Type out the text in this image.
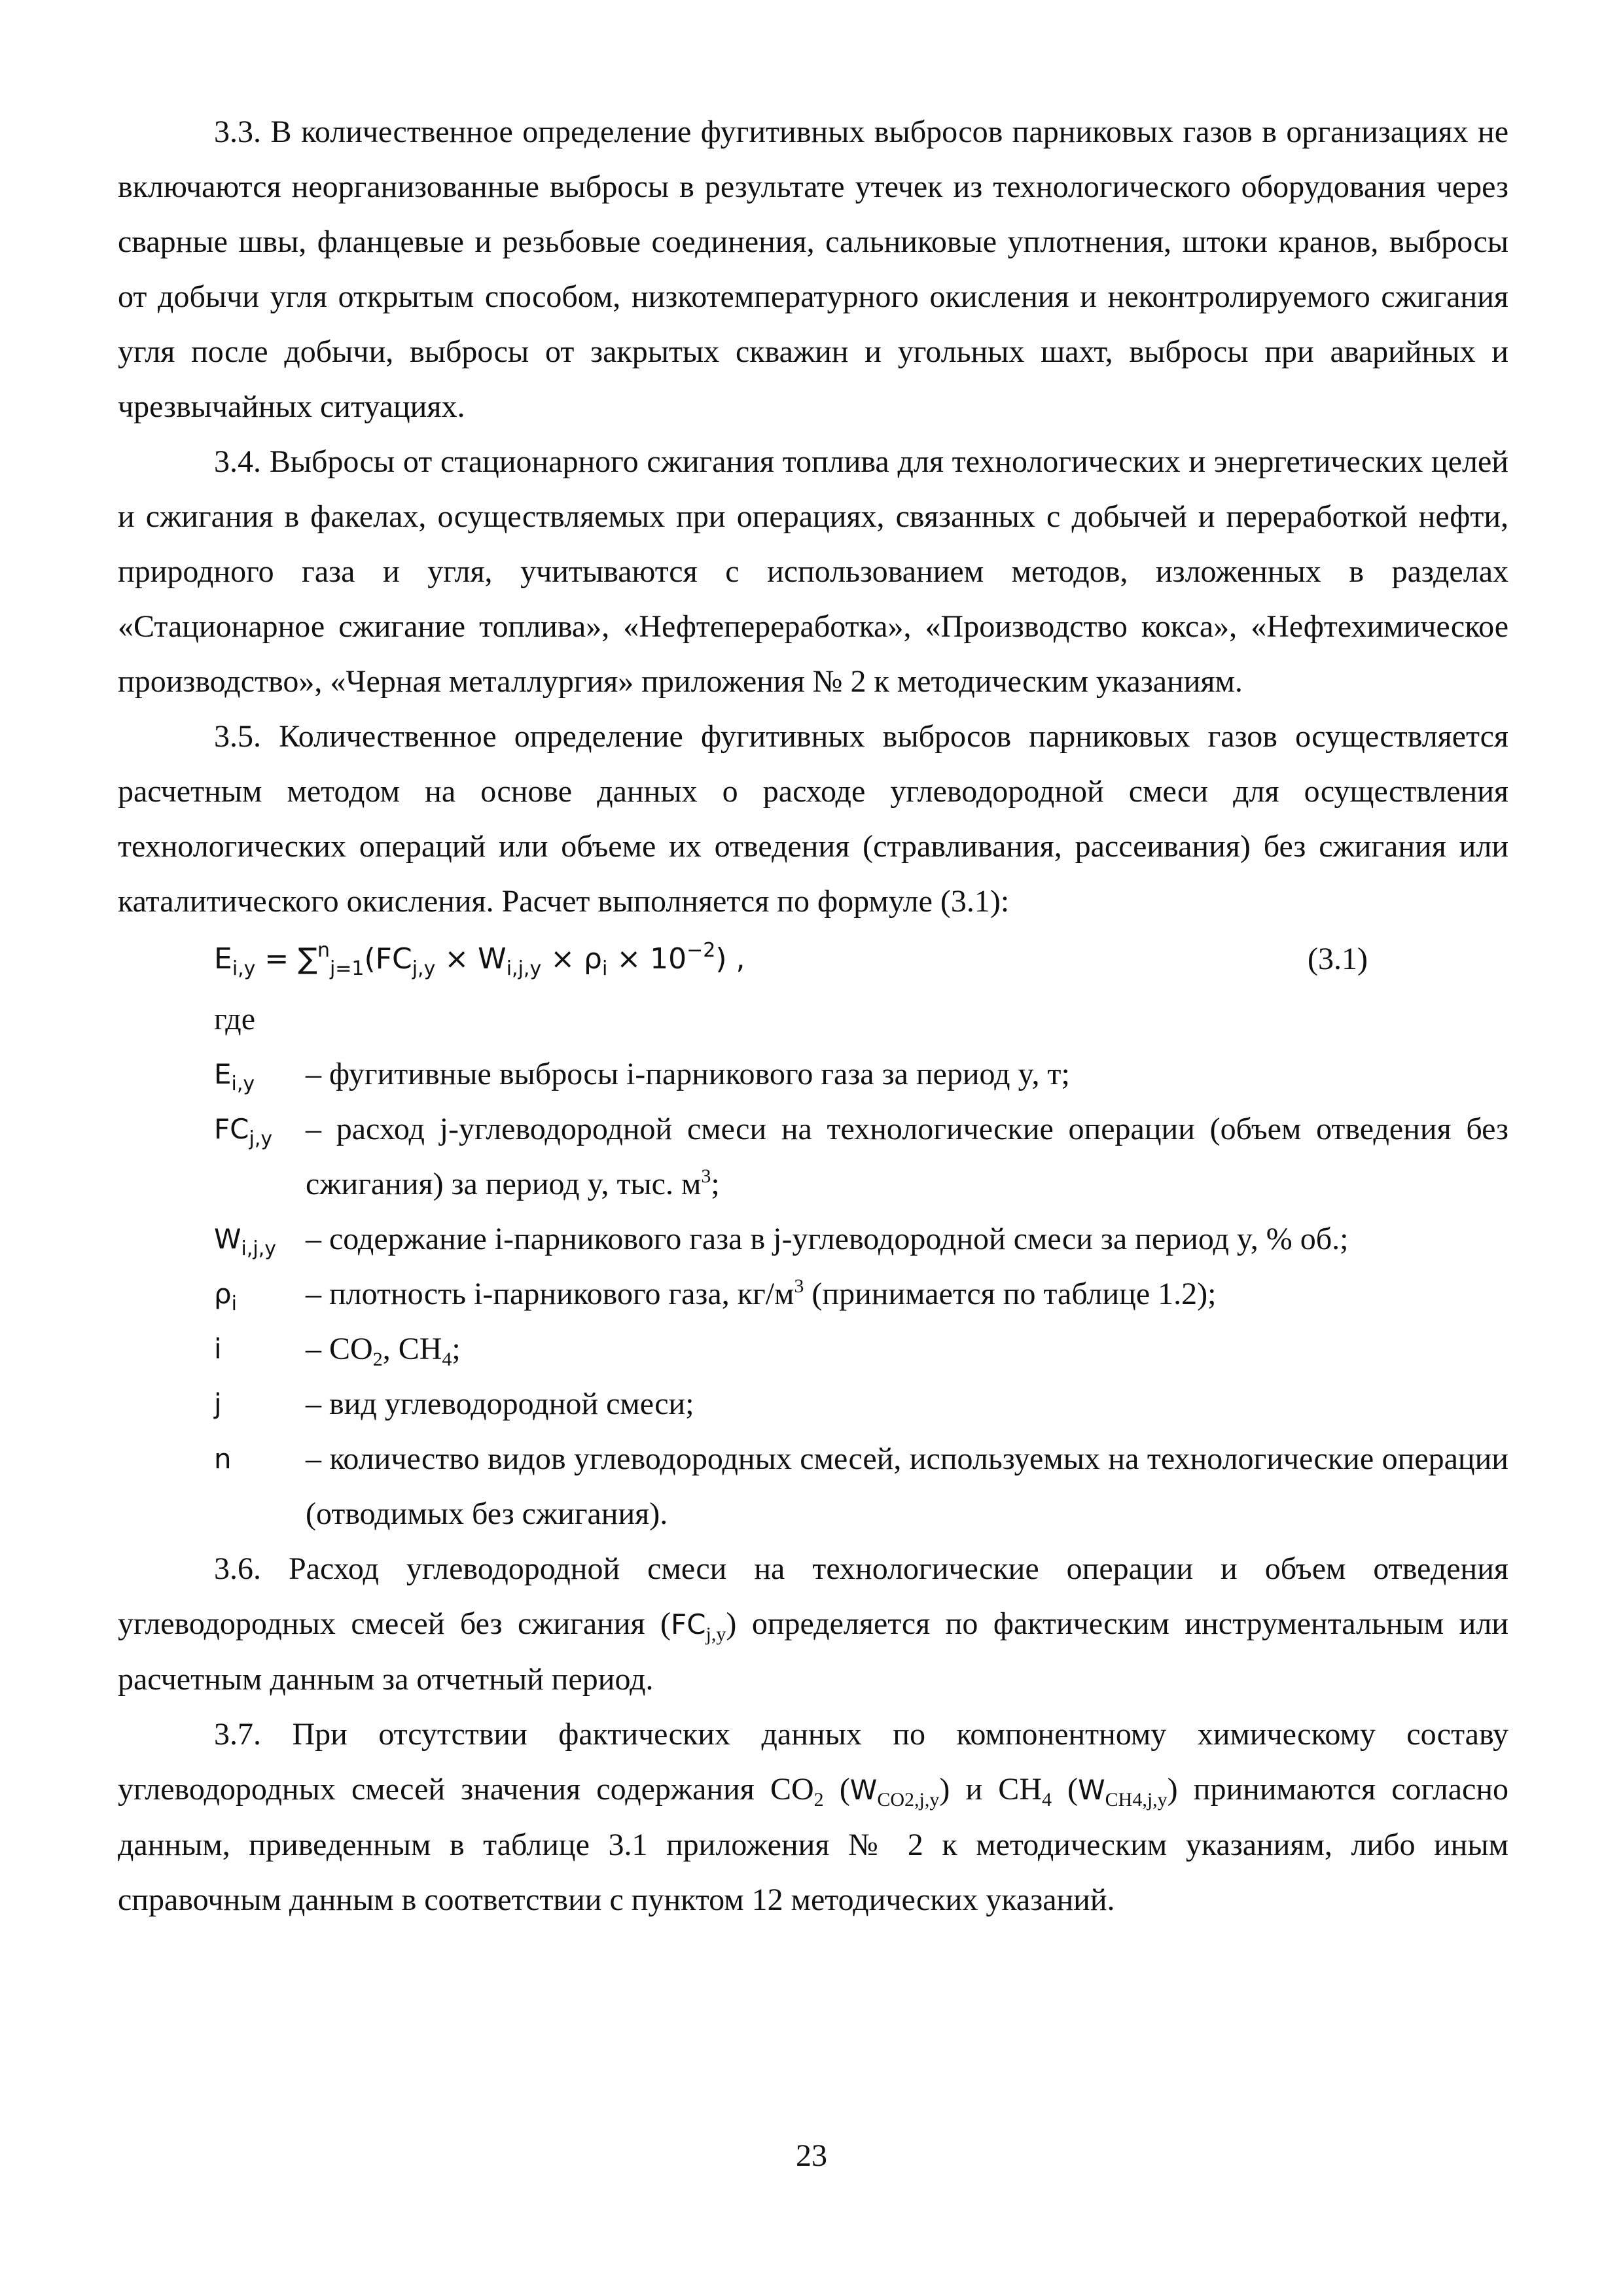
3.3. В количественное определение фугитивных выбросов парниковых газов в организациях не включаются неорганизованные выбросы в результате утечек из технологического оборудования через сварные швы, фланцевые и резьбовые соединения, сальниковые уплотнения, штоки кранов, выбросы от добычи угля открытым способом, низкотемпературного окисления и неконтролируемого сжигания угля после добычи, выбросы от закрытых скважин и угольных шахт, выбросы при аварийных и чрезвычайных ситуациях.

3.4. Выбросы от стационарного сжигания топлива для технологических и энергетических целей и сжигания в факелах, осуществляемых при операциях, связанных с добычей и переработкой нефти, природного газа и угля, учитываются с использованием методов, изложенных в разделах «Стационарное сжигание топлива», «Нефтепереработка», «Производство кокса», «Нефтехимическое производство», «Черная металлургия» приложения № 2 к методическим указаниям.

3.5. Количественное определение фугитивных выбросов парниковых газов осуществляется расчетным методом на основе данных о расходе углеводородной смеси для осуществления технологических операций или объеме их отведения (стравливания, рассеивания) без сжигания или каталитического окисления. Расчет выполняется по формуле (3.1):

$E_{i,y} = \sum^n_{j=1}(FC_{j,y} \times W_{i,j,y} \times \rho_i \times 10^{-2})$ ,	(3.1)

где

$E_{i,y}$	– фугитивные выбросы i-парникового газа за период y, т;
$FC_{j,y}$	– расход j-углеводородной смеси на технологические операции (объем отведения без сжигания) за период y, тыс. $м^3$;
$W_{i,j,y}$ – содержание i-парникового газа в j-углеводородной смеси за период y, % об.;
$\rho_i$	– плотность i-парникового газа, $кг/м^3$ (принимается по таблице 1.2);
i	– $CO_2$, $CH_4$;
j	– вид углеводородной смеси;
n	– количество видов углеводородных смесей, используемых на технологические операции (отводимых без сжигания).

3.6. Расход углеводородной смеси на технологические операции и объем отведения углеводородных смесей без сжигания $(FC_{j,y})$ определяется по фактическим инструментальным или расчетным данным за отчетный период.

3.7. При отсутствии фактических данных по компонентному химическому составу углеводородных смесей значения содержания $CO_2$ $(W_{CO2,j,y})$ и $CH_4$ $(W_{CH4,j,y})$ принимаются согласно данным, приведенным в таблице 3.1 приложения № 2 к методическим указаниям, либо иным справочным данным в соответствии с пунктом 12 методических указаний.

23
